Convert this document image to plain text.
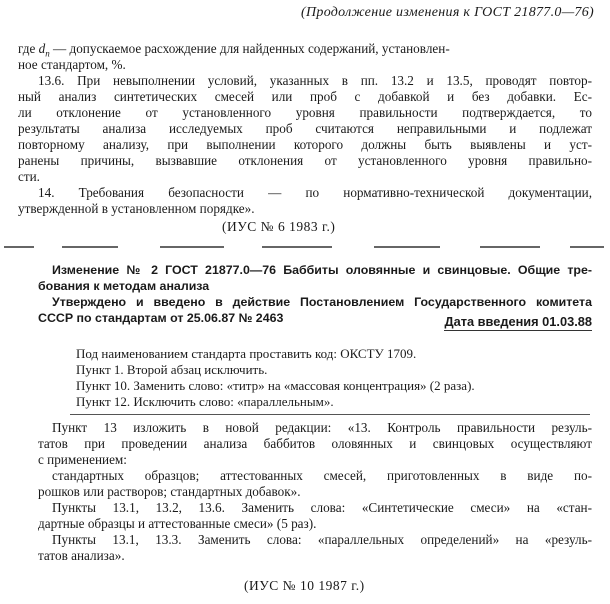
(Продолжение изменения к ГОСТ 21877.0—76)
где $d_п$ — допускаемое расхождение для найденных содержаний, установлен-
ное стандартом, %.
13.6. При невыполнении условий, указанных в пп. 13.2 и 13.5, проводят повтор-
ный анализ синтетических смесей или проб с добавкой и без добавки. Ес-
ли отклонение от установленного уровня правильности подтверждается, то
результаты анализа исследуемых проб считаются неправильными и подлежат
повторному анализу, при выполнении которого должны быть выявлены и уст-
ранены причины, вызвавшие отклонения от установленного уровня правильно-
сти.
14. Требования безопасности — по нормативно-технической документации,
утвержденной в установленном порядке».
(ИУС № 6 1983 г.)
Изменение № 2 ГОСТ 21877.0—76 Баббиты оловянные и свинцовые. Общие тре-
бования к методам анализа
Утверждено и введено в действие Постановлением Государственного комитета
СССР по стандартам от 25.06.87 № 2463	Дата введения 01.03.88
Под наименованием стандарта проставить код: ОКСТУ 1709.
Пункт 1. Второй абзац исключить.
Пункт 10. Заменить слово: «титр» на «массовая концентрация» (2 раза).
Пункт 12. Исключить слово: «параллельным».
Пункт 13 изложить в новой редакции: «13. Контроль правильности резуль-
татов при проведении анализа баббитов оловянных и свинцовых осуществляют
с применением:
стандартных образцов; аттестованных смесей, приготовленных в виде по-
рошков или растворов; стандартных добавок».
Пункты 13.1, 13.2, 13.6. Заменить слова: «Синтетические смеси» на «стан-
дартные образцы и аттестованные смеси» (5 раз).
Пункты 13.1, 13.3. Заменить слова: «параллельных определений» на «резуль-
татов анализа».
(ИУС № 10 1987 г.)
